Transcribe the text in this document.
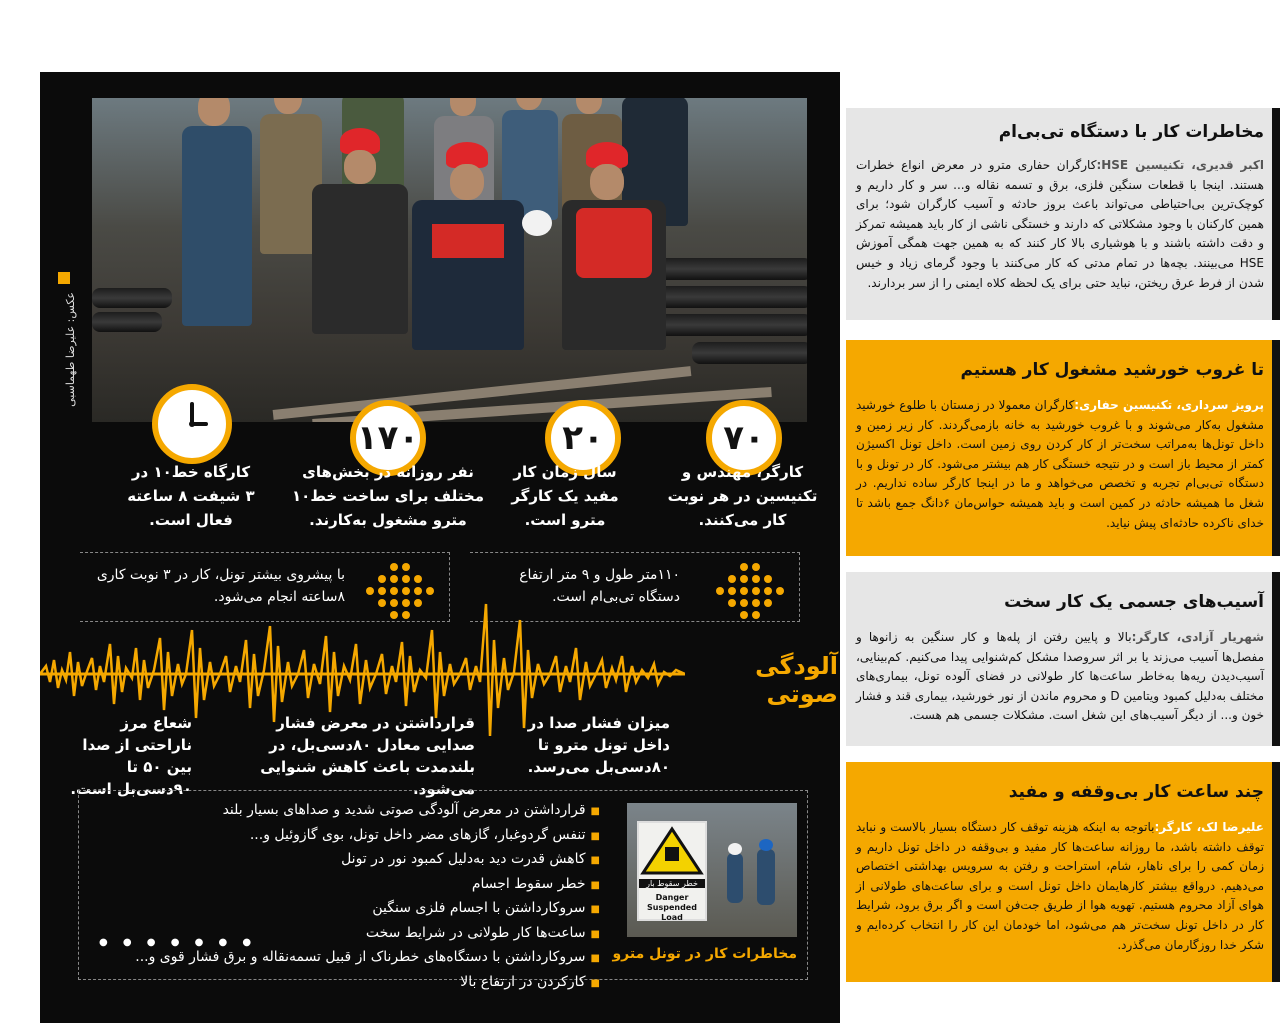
عکس: علیرضا طهماسبی
۷۰
کارگر، مهندس و تکنیسین در هر نوبت کار می‌کنند.
۲۰
سال زمان کار مفید یک کارگر مترو است.
۱۷۰
نفر روزانه در بخش‌های مختلف برای ساخت خط۱۰ مترو مشغول به‌کارند.
کارگاه خط۱۰ در ۳ شیفت ۸ ساعته فعال است.
۱۱۰متر طول و ۹ متر ارتفاع دستگاه تی‌بی‌ام است.
با پیشروی بیشتر تونل، کار در ۳ نوبت کاری ۸ساعته انجام می‌شود.
آلودگی صوتی
میزان فشار صدا در داخل تونل مترو تا ۸۰دسی‌بل می‌رسد.
قرارداشتن در معرض فشار صدایی معادل ۸۰دسی‌بل، در بلندمدت باعث کاهش شنوایی می‌شود.
شعاع مرز ناراحتی از صدا بین ۵۰ تا ۹۰دسی‌بل است.
■ قرارداشتن در معرض آلودگی صوتی شدید و صداهای بسیار بلند
■ تنفس گردوغبار، گازهای مضر داخل تونل، بوی گازوئیل و...
■ کاهش قدرت دید به‌دلیل کمبود نور در تونل
■ خطر سقوط اجسام
■ سروکارداشتن با اجسام فلزی سنگین
■ ساعت‌ها کار طولانی در شرایط سخت
■ سروکارداشتن با دستگاه‌های خطرناک از قبیل تسمه‌نقاله و برق فشار قوی و...
■ کارکردن در ارتفاع بالا
● ● ● ● ● ● ●
خطر سقوط بار
Danger Suspended Load
مخاطرات کار در تونل مترو
مخاطرات کار با دستگاه تی‌بی‌ام
اکبر قدیری، تکنیسین HSE:کارگران حفاری مترو در معرض انواع خطرات هستند. اینجا با قطعات سنگین فلزی، برق و تسمه نقاله و... سر و کار داریم و کوچک‌ترین بی‌احتیاطی می‌تواند باعث بروز حادثه و آسیب کارگران شود؛ برای همین کارکنان با وجود مشکلاتی که دارند و خستگی ناشی از کار باید همیشه تمرکز و دقت داشته باشند و با هوشیاری بالا کار کنند که به همین جهت همگی آموزش HSE می‌بینند. بچه‌ها در تمام مدتی که کار می‌کنند با وجود گرمای زیاد و خیس شدن از فرط عرق ریختن، نباید حتی برای یک لحظه کلاه ایمنی را از سر بردارند.
تا غروب خورشید مشغول کار هستیم
پرویز سرداری، تکنیسین حفاری:کارگران معمولا در زمستان با طلوع خورشید مشغول به‌کار می‌شوند و با غروب خورشید به خانه بازمی‌گردند. کار زیر زمین و داخل تونل‌ها به‌مراتب سخت‌تر از کار کردن روی زمین است. داخل تونل اکسیژن کمتر از محیط باز است و در نتیجه خستگی کار هم بیشتر می‌شود. کار در تونل و با دستگاه تی‌بی‌ام تجربه و تخصص می‌خواهد و ما در اینجا کارگر ساده نداریم. در شغل ما همیشه حادثه در کمین است و باید همیشه حواس‌مان ۶دانگ جمع باشد تا خدای ناکرده حادثه‌ای پیش نیاید.
آسیب‌های جسمی یک کار سخت
شهریار آزادی، کارگر:بالا و پایین رفتن از پله‌ها و کار سنگین به زانوها و مفصل‌ها آسیب می‌زند یا بر اثر سروصدا مشکل کم‌شنوایی پیدا می‌کنیم. کم‌بینایی، آسیب‌دیدن ریه‌ها به‌خاطر ساعت‌ها کار طولانی در فضای آلوده تونل، بیماری‌های مختلف به‌دلیل کمبود ویتامین D و محروم ماندن از نور خورشید، بیماری قند و فشار خون و... از دیگر آسیب‌های این شغل است. مشکلات جسمی هم هست.
چند ساعت کار بی‌وقفه و مفید
علیرضا لک، کارگر:باتوجه به اینکه هزینه توقف کار دستگاه بسیار بالاست و نباید توقف داشته باشد، ما روزانه ساعت‌ها کار مفید و بی‌وقفه در داخل تونل داریم و زمان کمی را برای ناهار، شام، استراحت و رفتن به سرویس بهداشتی اختصاص می‌دهیم. درواقع بیشتر کارهایمان داخل تونل است و برای ساعت‌های طولانی از هوای آزاد محروم هستیم. تهویه هوا از طریق جت‌فن است و اگر برق برود، شرایط کار در داخل تونل سخت‌تر هم می‌شود، اما خودمان این کار را انتخاب کرده‌ایم و شکر خدا روزگارمان می‌گذرد.
